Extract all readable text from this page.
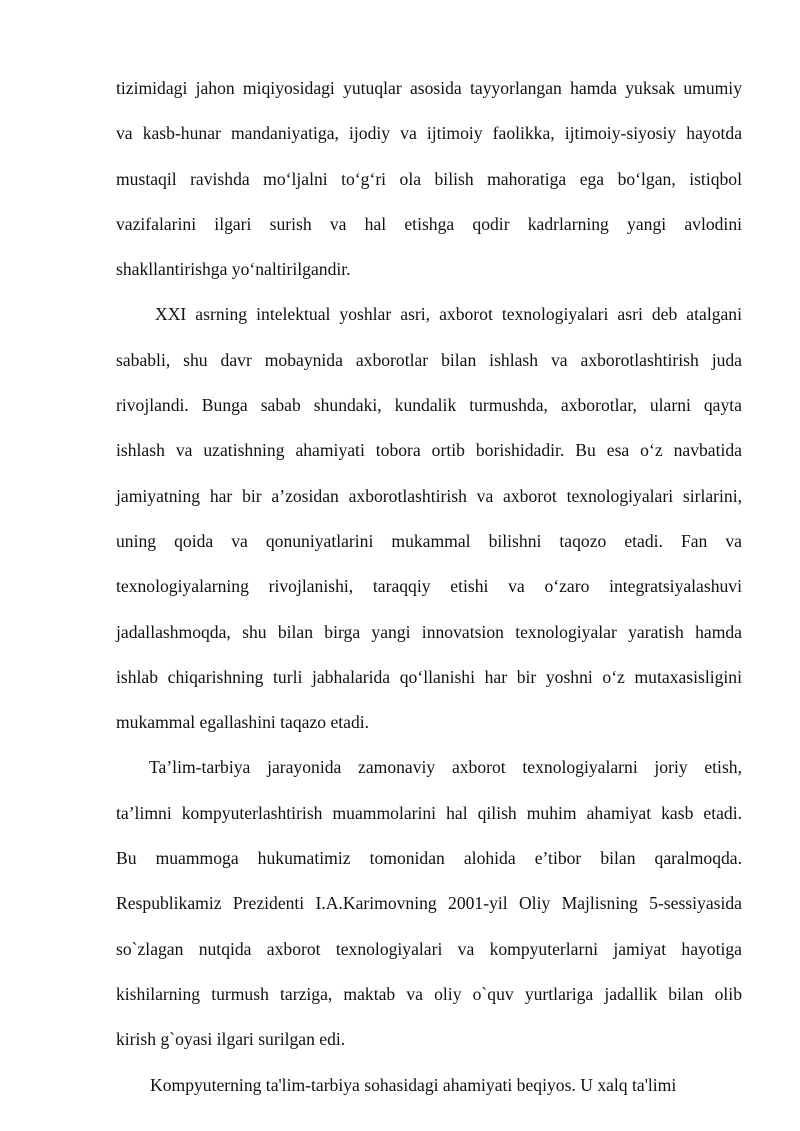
tizimidagi jahon miqiyosidagi yutuqlar asosida tayyorlangan hamda yuksak umumiy
va kasb-hunar mandaniyatiga, ijodiy va ijtimoiy faolikka, ijtimoiy-siyosiy hayotda
mustaqil ravishda mo‘ljalni to‘g‘ri ola bilish mahoratiga ega bo‘lgan, istiqbol
vazifalarini ilgari surish va hal etishga qodir kadrlarning yangi avlodini
shakllantirishga yo‘naltirilgandir.
XXI asrning intelektual yoshlar asri, axborot texnologiyalari asri deb atalgani
sababli, shu davr mobaynida axborotlar bilan ishlash va axborotlashtirish juda
rivojlandi. Bunga sabab shundaki, kundalik turmushda, axborotlar, ularni qayta
ishlash va uzatishning ahamiyati tobora ortib borishidadir. Bu esa o‘z navbatida
jamiyatning har bir a’zosidan axborotlashtirish va axborot texnologiyalari sirlarini,
uning qoida va qonuniyatlarini mukammal bilishni taqozo etadi. Fan va
texnologiyalarning rivojlanishi, taraqqiy etishi va o‘zaro integratsiyalashuvi
jadallashmoqda, shu bilan birga yangi innovatsion texnologiyalar yaratish hamda
ishlab chiqarishning turli jabhalarida qo‘llanishi har bir yoshni o‘z mutaxasisligini
mukammal egallashini taqazo etadi.
Ta’lim-tarbiya jarayonida zamonaviy axborot texnologiyalarni joriy etish,
ta’limni kompyuterlashtirish muammolarini hal qilish muhim ahamiyat kasb etadi.
Bu muammoga hukumatimiz tomonidan alohida e’tibor bilan qaralmoqda.
Respublikamiz Prezidenti I.A.Karimovning 2001-yil Oliy Majlisning 5-sessiyasida
so`zlagan nutqida axborot texnologiyalari va kompyuterlarni jamiyat hayotiga
kishilarning turmush tarziga, maktab va oliy o`quv yurtlariga jadallik bilan olib
kirish g`oyasi ilgari surilgan edi.
Kompyuterning ta'lim-tarbiya sohasidagi ahamiyati beqiyos. U xalq ta'limi
